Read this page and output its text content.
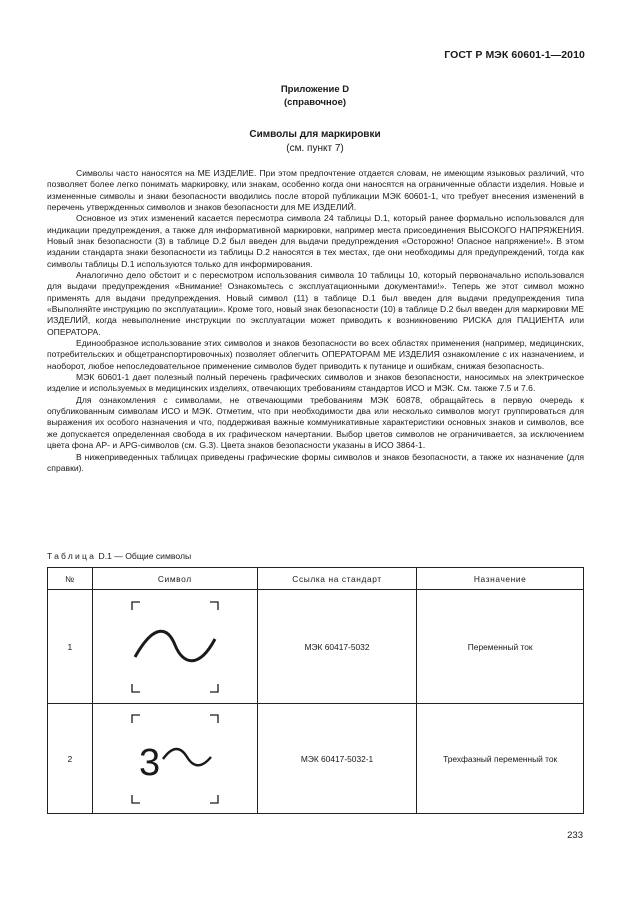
ГОСТ Р МЭК 60601-1—2010
Приложение D
(справочное)
Символы для маркировки
(см. пункт 7)

Символы часто наносятся на МЕ ИЗДЕЛИЕ. При этом предпочтение отдается словам, не имеющим языковых различий, что позволяет более легко понимать маркировку, или знакам, особенно когда они наносятся на ограниченные области изделия. Новые и измененные символы и знаки безопасности вводились после второй публикации МЭК 60601-1, что требует внесения изменений в перечень утвержденных символов и знаков безопасности для МЕ ИЗДЕЛИЙ.

Основное из этих изменений касается пересмотра символа 24 таблицы D.1, который ранее формально использовался для индикации предупреждения, а также для информативной маркировки, например места присоединения ВЫСОКОГО НАПРЯЖЕНИЯ. Новый знак безопасности (3) в таблице D.2 был введен для выдачи предупреждения «Осторожно! Опасное напряжение!». В этом издании стандарта знаки безопасности из таблицы D.2 наносятся в тех местах, где они необходимы для предупреждений, тогда как символы таблицы D.1 используются только для информирования.

Аналогично дело обстоит и с пересмотром использования символа 10 таблицы 10, который первоначально использовался для выдачи предупреждения «Внимание! Ознакомьтесь с эксплуатационными документами!». Теперь же этот символ можно применять для выдачи предупреждения. Новый символ (11) в таблице D.1 был введен для выдачи предупреждения типа «Выполняйте инструкцию по эксплуатации». Кроме того, новый знак безопасности (10) в таблице D.2 был введен для маркировки МЕ ИЗДЕЛИЙ, когда невыполнение инструкции по эксплуатации может приводить к возникновению РИСКА для ПАЦИЕНТА или ОПЕРАТОРА.

Единообразное использование этих символов и знаков безопасности во всех областях применения (например, медицинских, потребительских и общетранспортировочных) позволяет облегчить ОПЕРАТОРАМ МЕ ИЗДЕЛИЯ ознакомление с их назначением, и наоборот, любое непоследовательное применение символов будет приводить к путанице и ошибкам, снижая безопасность.

МЭК 60601-1 дает полезный полный перечень графических символов и знаков безопасности, наносимых на электрическое изделие и используемых в медицинских изделиях, отвечающих требованиям стандартов ИСО и МЭК. См. также 7.5 и 7.6.

Для ознакомления с символами, не отвечающими требованиям МЭК 60878, обращайтесь в первую очередь к опубликованным символам ИСО и МЭК. Отметим, что при необходимости два или несколько символов могут группироваться для выражения их особого назначения и что, поддерживая важные коммуникативные характеристики основных знаков и символов, все же допускается определенная свобода в их графическом начертании. Выбор цветов символов не ограничивается, за исключением цвета фона АР- и APG-символов (см. G.3). Цвета знаков безопасности указаны в ИСО 3864-1.

В нижеприведенных таблицах приведены графические формы символов и знаков безопасности, а также их назначение (для справки).

Таблица D.1 — Общие символы
№	Символ	Ссылка на стандарт	Назначение
1		МЭК 60417-5032	Переменный ток
2	3	МЭК 60417-5032-1	Трехфазный переменный ток
233
